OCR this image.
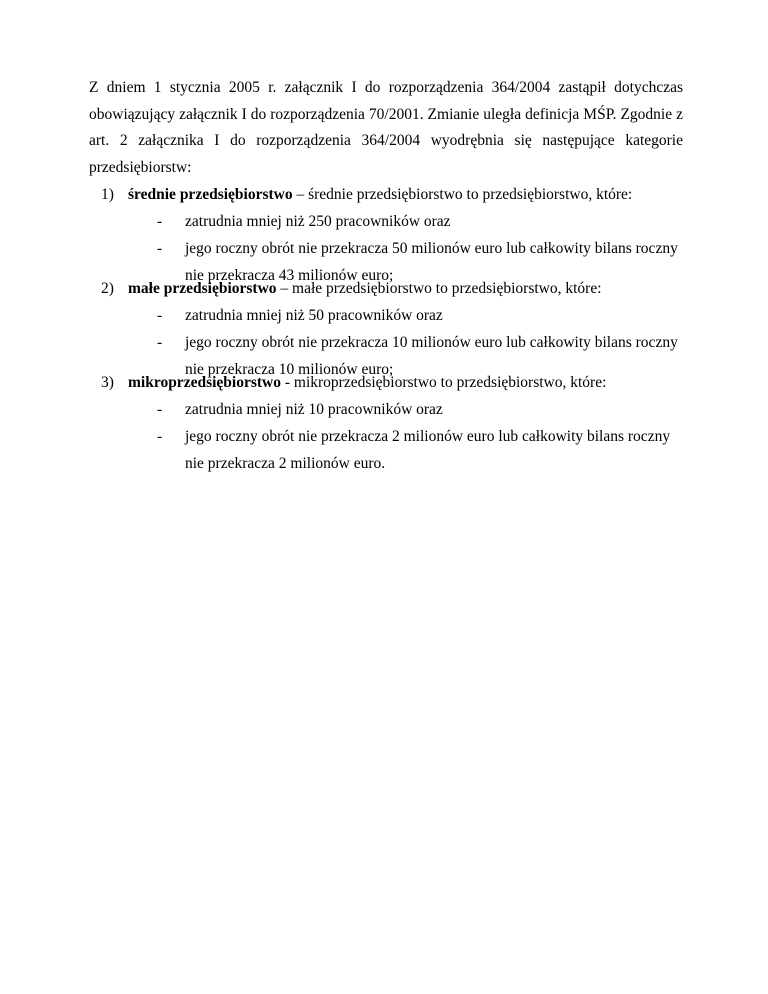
Z dniem 1 stycznia 2005 r. załącznik I do rozporządzenia 364/2004 zastąpił dotychczas obowiązujący załącznik I do rozporządzenia 70/2001. Zmianie uległa definicja MŚP. Zgodnie z art. 2 załącznika I do rozporządzenia 364/2004 wyodrębnia się następujące kategorie przedsiębiorstw:

1) średnie przedsiębiorstwo – średnie przedsiębiorstwo to przedsiębiorstwo, które:
- zatrudnia mniej niż 250 pracowników oraz
- jego roczny obrót nie przekracza 50 milionów euro lub całkowity bilans roczny nie przekracza 43 milionów euro;
2) małe przedsiębiorstwo – małe przedsiębiorstwo to przedsiębiorstwo, które:
- zatrudnia mniej niż 50 pracowników oraz
- jego roczny obrót nie przekracza 10 milionów euro lub całkowity bilans roczny nie przekracza 10 milionów euro;
3) mikroprzedsiębiorstwo - mikroprzedsiębiorstwo to przedsiębiorstwo, które:
- zatrudnia mniej niż 10 pracowników oraz
- jego roczny obrót nie przekracza 2 milionów euro lub całkowity bilans roczny nie przekracza 2 milionów euro.
